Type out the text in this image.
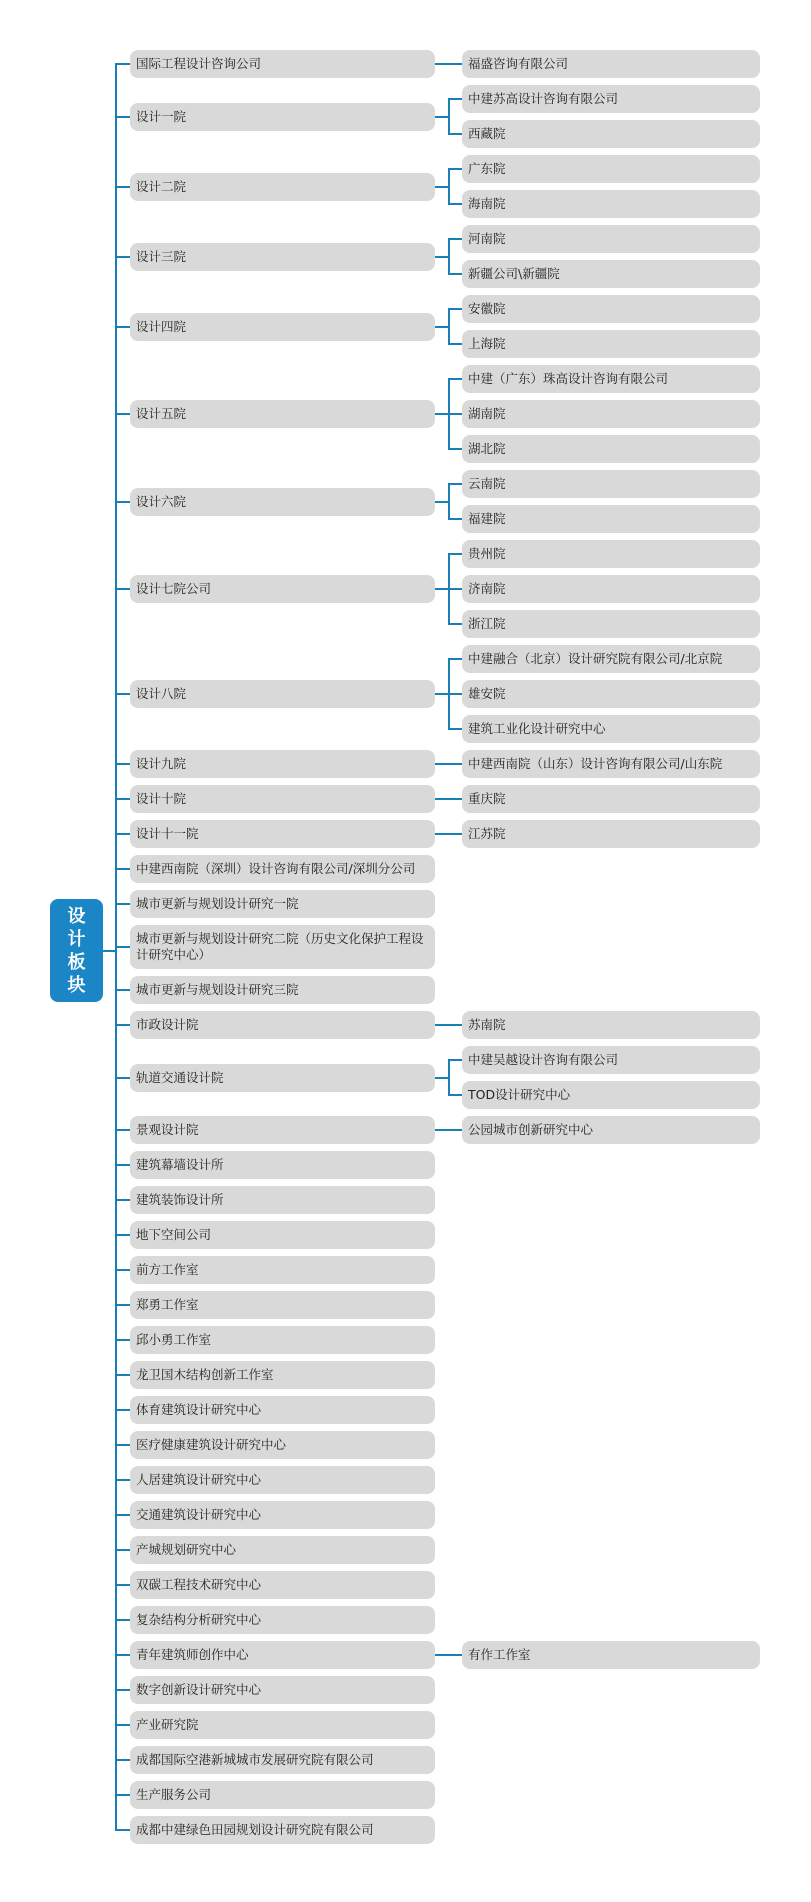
设计板块
国际工程设计咨询公司	福盛咨询有限公司
设计一院
中建苏高设计咨询有限公司
西藏院
设计二院
广东院
海南院
设计三院
河南院
新疆公司\新疆院
设计四院
安徽院
上海院
设计五院
中建（广东）珠高设计咨询有限公司
湖南院
湖北院
设计六院
云南院
福建院
设计七院公司
贵州院
济南院
浙江院
设计八院
中建融合（北京）设计研究院有限公司/北京院
雄安院
建筑工业化设计研究中心
设计九院	中建西南院（山东）设计咨询有限公司/山东院
设计十院	重庆院
设计十一院	江苏院
中建西南院（深圳）设计咨询有限公司/深圳分公司
城市更新与规划设计研究一院
城市更新与规划设计研究二院（历史文化保护工程设计研究中心）
城市更新与规划设计研究三院
市政设计院	苏南院
轨道交通设计院
中建吴越设计咨询有限公司
TOD设计研究中心
景观设计院	公园城市创新研究中心
建筑幕墙设计所
建筑装饰设计所
地下空间公司
前方工作室
郑勇工作室
邱小勇工作室
龙卫国木结构创新工作室
体育建筑设计研究中心
医疗健康建筑设计研究中心
人居建筑设计研究中心
交通建筑设计研究中心
产城规划研究中心
双碳工程技术研究中心
复杂结构分析研究中心
青年建筑师创作中心	有作工作室
数字创新设计研究中心
产业研究院
成都国际空港新城城市发展研究院有限公司
生产服务公司
成都中建绿色田园规划设计研究院有限公司
